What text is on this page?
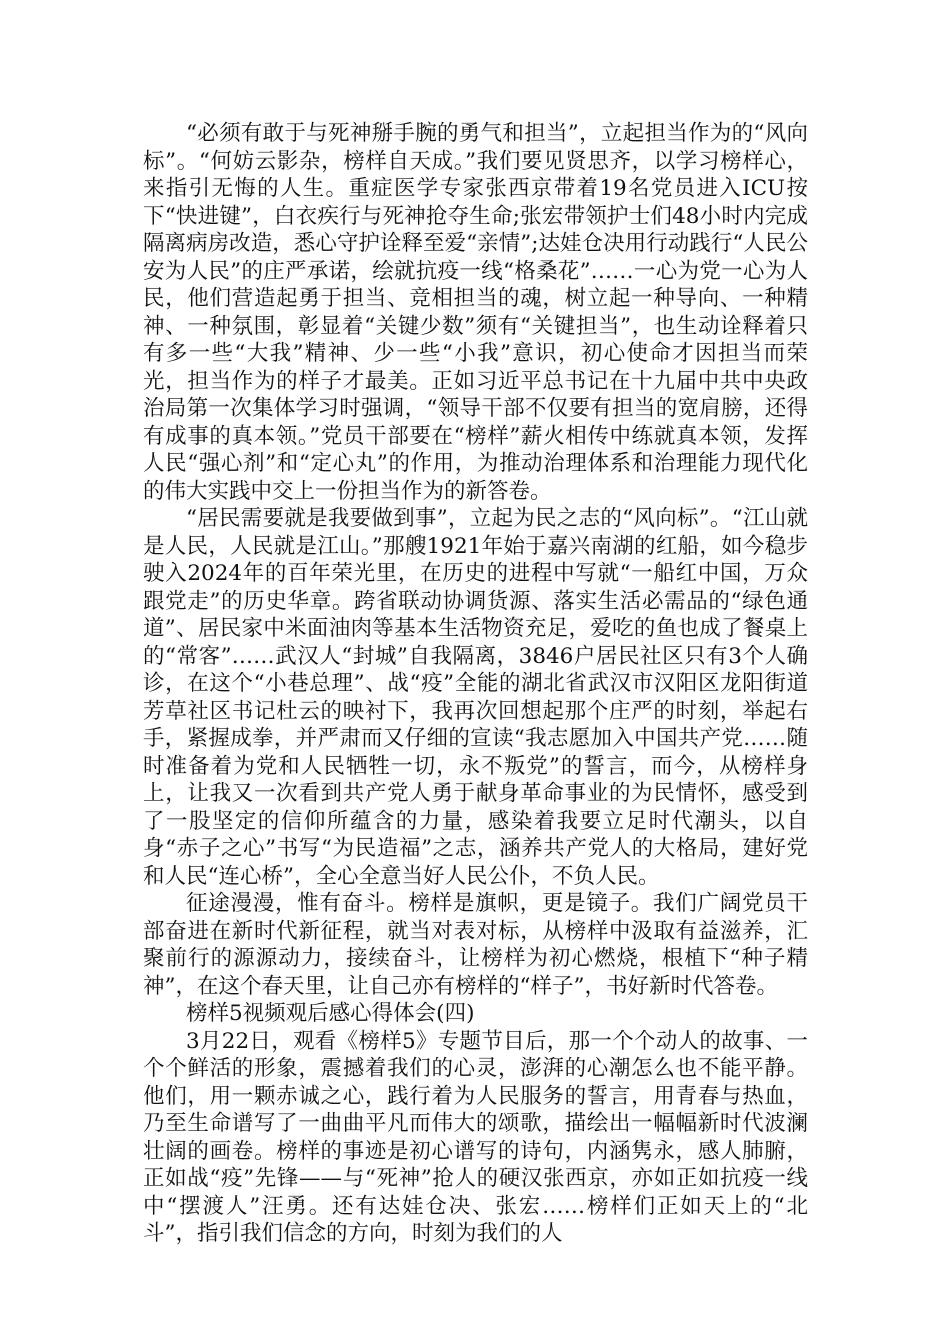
“必须有敢于与死神掰手腕的勇气和担当”，立起担当作为的“风向标”。“何妨云影杂，榜样自天成。”我们要见贤思齐，以学习榜样心，来指引无悔的人生。重症医学专家张西京带着19名党员进入ICU按下“快进键”，白衣疾行与死神抢夺生命;张宏带领护士们48小时内完成隔离病房改造，悉心守护诠释至爱“亲情”;达娃仓决用行动践行“人民公安为人民”的庄严承诺，绘就抗疫一线“格桑花”……一心为党一心为人民，他们营造起勇于担当、竞相担当的魂，树立起一种导向、一种精神、一种氛围，彰显着“关键少数”须有“关键担当”，也生动诠释着只有多一些“大我”精神、少一些“小我”意识，初心使命才因担当而荣光，担当作为的样子才最美。正如习近平总书记在十九届中共中央政治局第一次集体学习时强调，“领导干部不仅要有担当的宽肩膀，还得有成事的真本领。”党员干部要在“榜样”薪火相传中练就真本领，发挥人民“强心剂”和“定心丸”的作用，为推动治理体系和治理能力现代化的伟大实践中交上一份担当作为的新答卷。

“居民需要就是我要做到事”，立起为民之志的“风向标”。“江山就是人民，人民就是江山。”那艘1921年始于嘉兴南湖的红船，如今稳步驶入2024年的百年荣光里，在历史的进程中写就“一船红中国，万众跟党走”的历史华章。跨省联动协调货源、落实生活必需品的“绿色通道”、居民家中米面油肉等基本生活物资充足，爱吃的鱼也成了餐桌上的“常客”……武汉人“封城”自我隔离，3846户居民社区只有3个人确诊，在这个“小巷总理”、战“疫”全能的湖北省武汉市汉阳区龙阳街道芳草社区书记杜云的映衬下，我再次回想起那个庄严的时刻，举起右手，紧握成拳，并严肃而又仔细的宣读“我志愿加入中国共产党……随时准备着为党和人民牺牲一切，永不叛党”的誓言，而今，从榜样身上，让我又一次看到共产党人勇于献身革命事业的为民情怀，感受到了一股坚定的信仰所蕴含的力量，感染着我要立足时代潮头，以自身“赤子之心”书写“为民造福”之志，涵养共产党人的大格局，建好党和人民“连心桥”，全心全意当好人民公仆，不负人民。

征途漫漫，惟有奋斗。榜样是旗帜，更是镜子。我们广阔党员干部奋进在新时代新征程，就当对表对标，从榜样中汲取有益滋养，汇聚前行的源源动力，接续奋斗，让榜样为初心燃烧，根植下“种子精神”，在这个春天里，让自己亦有榜样的“样子”，书好新时代答卷。

榜样5视频观后感心得体会(四)

3月22日，观看《榜样5》专题节目后，那一个个动人的故事、一个个鲜活的形象，震撼着我们的心灵，澎湃的心潮怎么也不能平静。他们，用一颗赤诚之心，践行着为人民服务的誓言，用青春与热血，乃至生命谱写了一曲曲平凡而伟大的颂歌，描绘出一幅幅新时代波澜壮阔的画卷。榜样的事迹是初心谱写的诗句，内涵隽永，感人肺腑，正如战“疫”先锋——与“死神”抢人的硬汉张西京，亦如正如抗疫一线中“摆渡人”汪勇。还有达娃仓决、张宏……榜样们正如天上的“北斗”，指引我们信念的方向，时刻为我们的人
